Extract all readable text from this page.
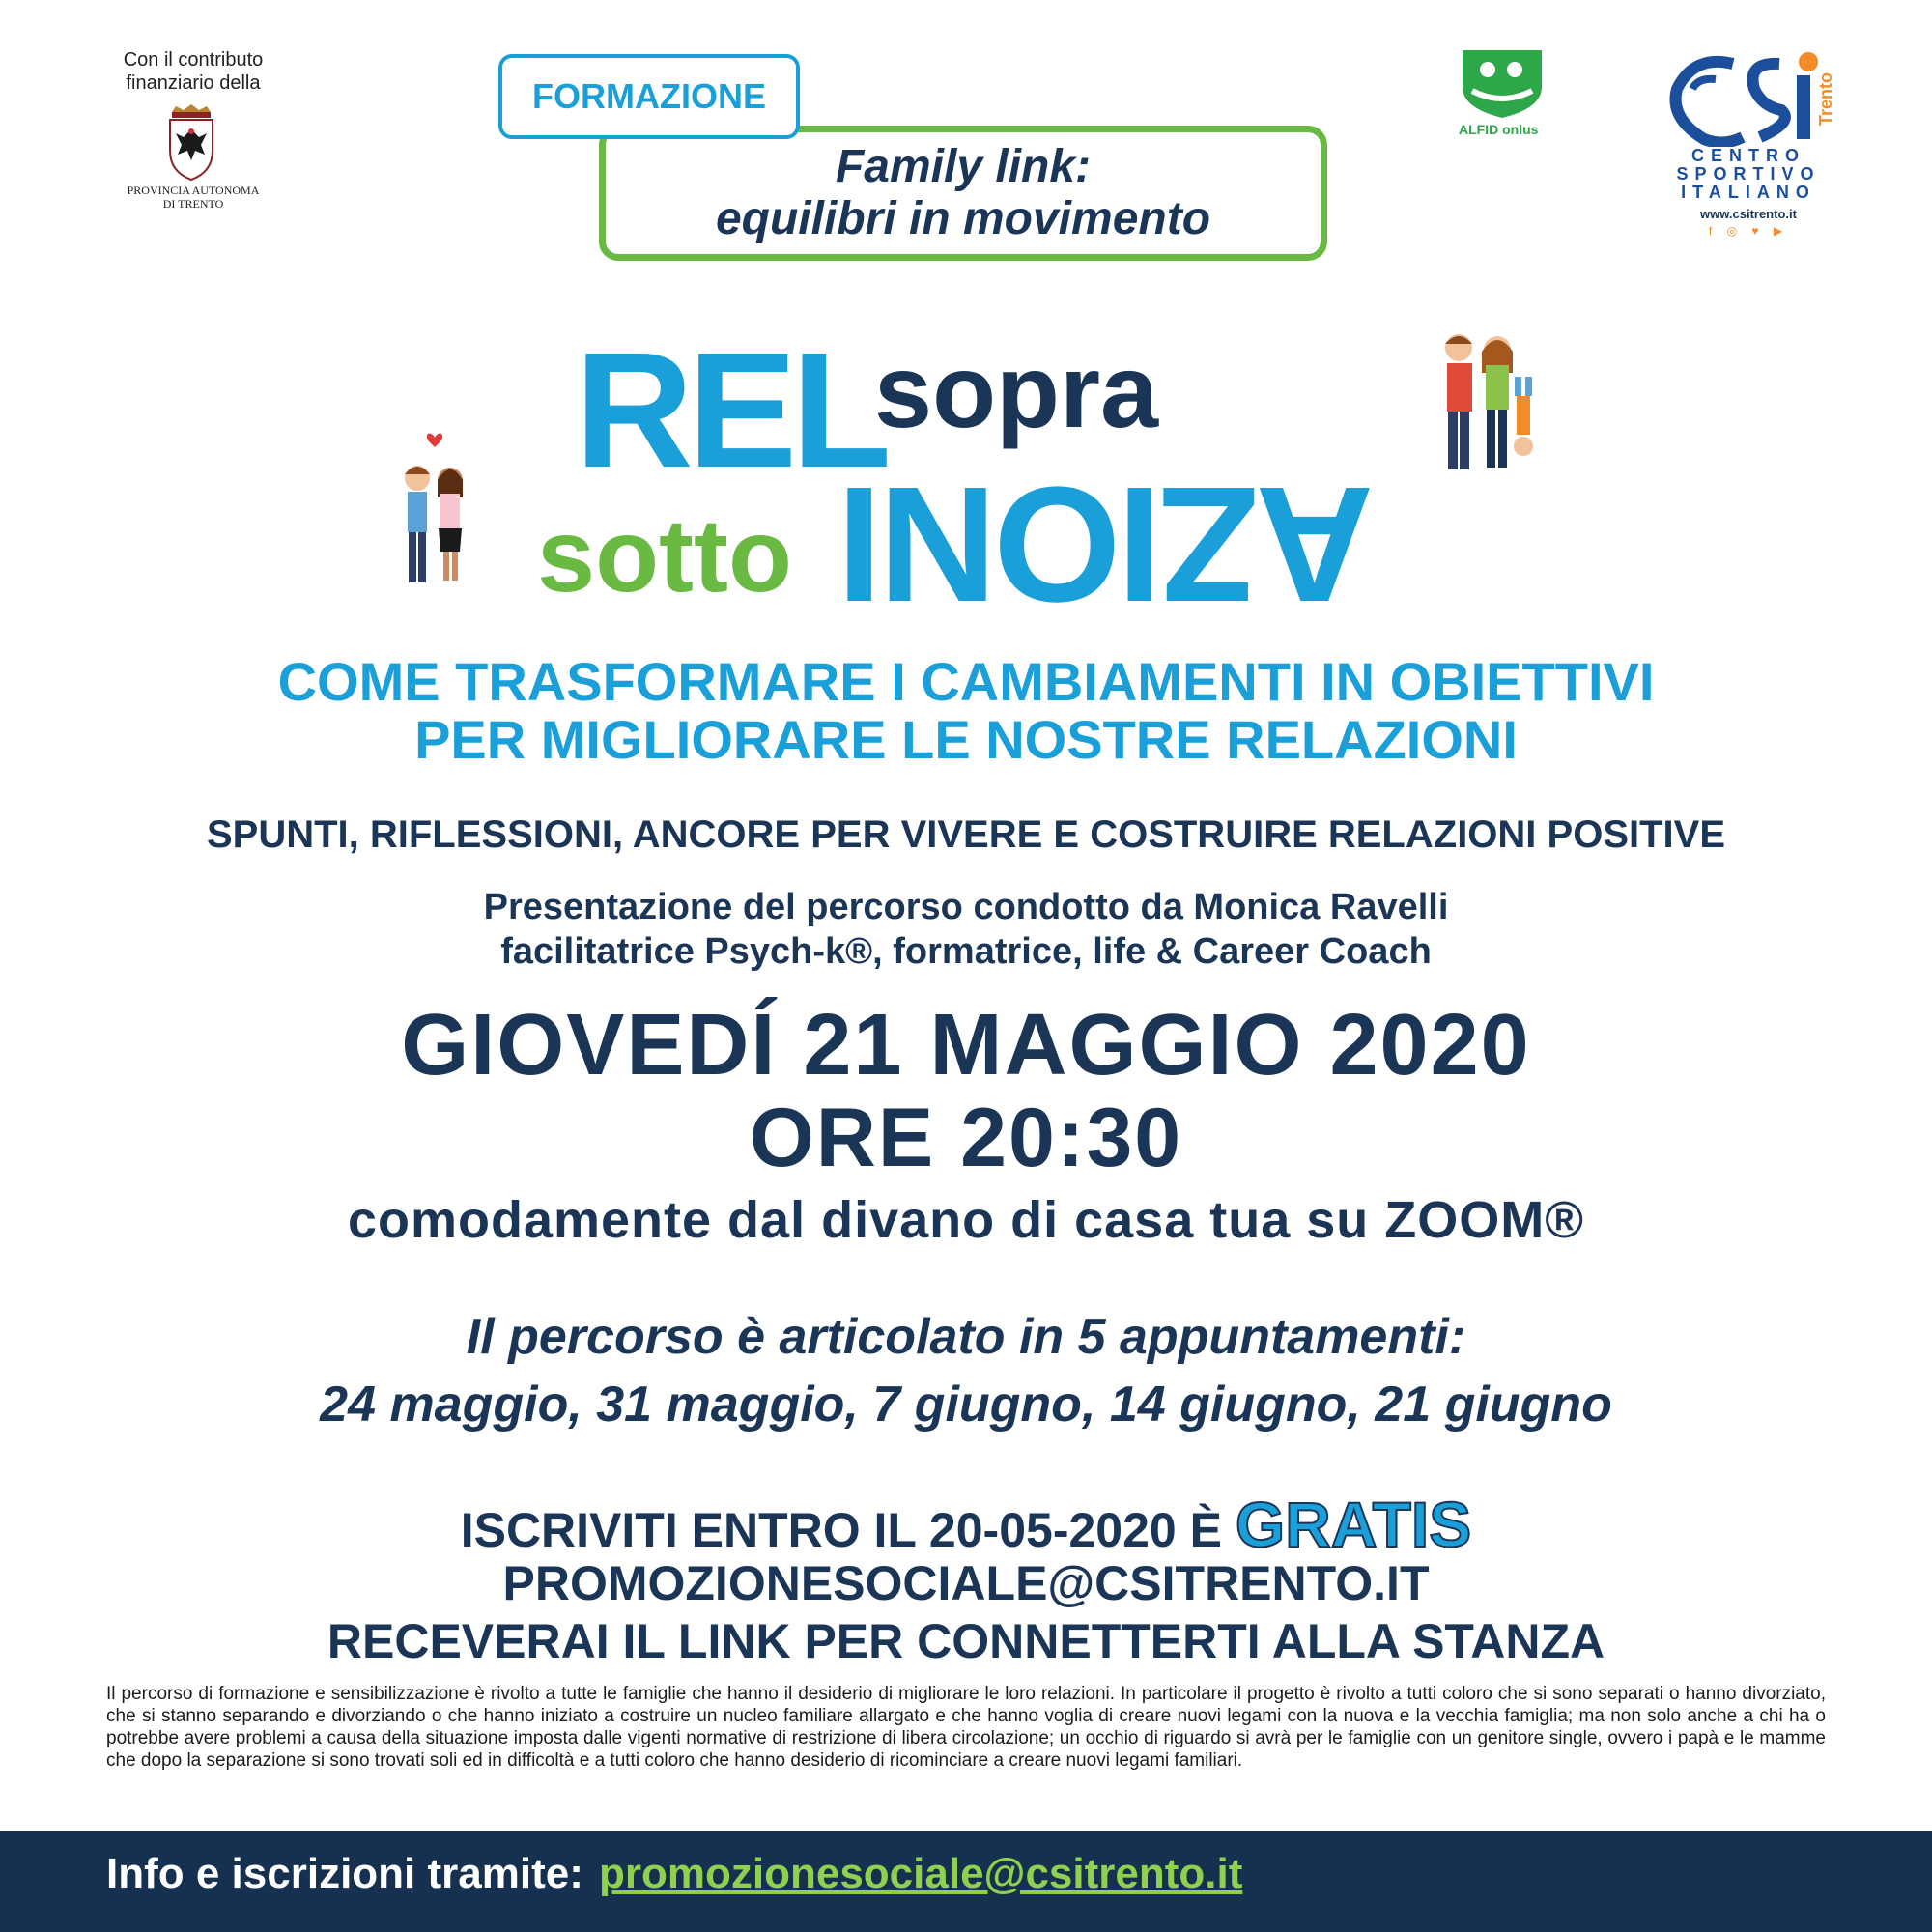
Con il contributo
finanziario della
PROVINCIA AUTONOMA
DI TRENTO
Family link:
equilibri in movimento
FORMAZIONE
ALFID onlus
Trento
CENTRO
SPORTIVO
ITALIANO
www.csitrento.it
f ◎ ♥ ▶
REL
sopra
sotto AZIONI
COME TRASFORMARE I CAMBIAMENTI IN OBIETTIVI
PER MIGLIORARE LE NOSTRE RELAZIONI
SPUNTI, RIFLESSIONI, ANCORE PER VIVERE E COSTRUIRE RELAZIONI POSITIVE
Presentazione del percorso condotto da Monica Ravelli
facilitatrice Psych-k®, formatrice, life & Career Coach
GIOVEDÍ 21 MAGGIO 2020
ORE 20:30
comodamente dal divano di casa tua su ZOOM®
Il percorso è articolato in 5 appuntamenti:
24 maggio, 31 maggio, 7 giugno, 14 giugno, 21 giugno
ISCRIVITI ENTRO IL 20-05-2020 È GRATIS
PROMOZIONESOCIALE@CSITRENTO.IT
RECEVERAI IL LINK PER CONNETTERTI ALLA STANZA
Il percorso di formazione e sensibilizzazione è rivolto a tutte le famiglie che hanno il desiderio di migliorare le loro relazioni. In particolare il progetto è rivolto a tutti coloro che si sono separati o hanno divorziato, che si stanno separando e divorziando o che hanno iniziato a costruire un nucleo familiare allargato e che hanno voglia di creare nuovi legami con la nuova e la vecchia famiglia; ma non solo anche a chi ha o potrebbe avere problemi a causa della situazione imposta dalle vigenti normative di restrizione di libera circolazione; un occhio di riguardo si avrà per le famiglie con un genitore single, ovvero i papà e le mamme che dopo la separazione si sono trovati soli ed in difficoltà e a tutti coloro che hanno desiderio di ricominciare a creare nuovi legami familiari.
Info e iscrizioni tramite: promozionesociale@csitrento.it
